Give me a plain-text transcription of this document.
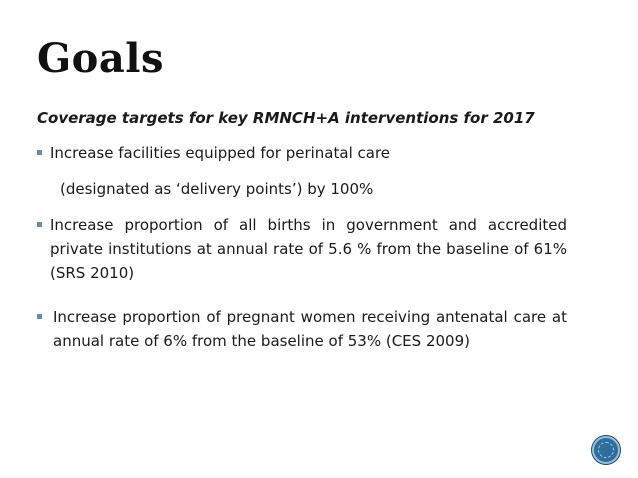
Goals

Coverage targets for key RMNCH+A interventions for 2017

Increase facilities equipped for perinatal care
(designated as ‘delivery points’) by 100%
Increase proportion of all births in government and accredited private institutions at annual rate of 5.6 % from the baseline of 61% (SRS 2010)
Increase proportion of pregnant women receiving antenatal care at annual rate of 6% from the baseline of 53% (CES 2009)
